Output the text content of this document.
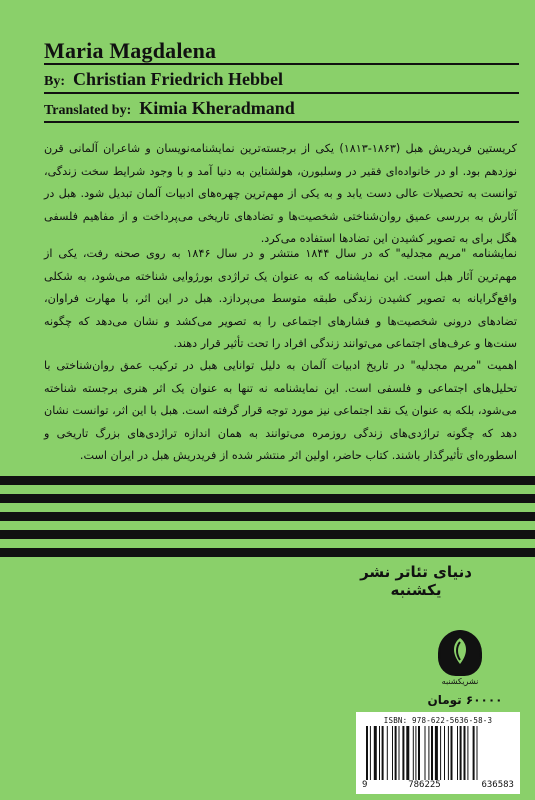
Maria Magdalena
By: Christian Friedrich Hebbel
Translated by: Kimia Kheradmand

کریستین فریدریش هبل (۱۸۶۳-۱۸۱۳) یکی از برجسته‌ترین نمایشنامه‌نویسان و شاعران آلمانی قرن نوزدهم بود. او در خانواده‌ای فقیر در وسلبورن، هولشتاین به دنیا آمد و با وجود شرایط سخت زندگی، توانست به تحصیلات عالی دست یابد و به یکی از مهم‌ترین چهره‌های ادبیات آلمان تبدیل شود. هبل در آثارش به بررسی عمیق روان‌شناختی شخصیت‌ها و تضادهای تاریخی می‌پرداخت و از مفاهیم فلسفی هگل برای به تصویر کشیدن این تضادها استفاده می‌کرد.

نمایشنامه "مریم مجدلیه" که در سال ۱۸۴۴ منتشر و در سال ۱۸۴۶ به روی صحنه رفت، یکی از مهم‌ترین آثار هبل است. این نمایشنامه که به عنوان یک تراژدی بورژوایی شناخته می‌شود، به شکلی واقع‌گرایانه به تصویر کشیدن زندگی طبقه متوسط می‌پردازد. هبل در این اثر، با مهارت فراوان، تضادهای درونی شخصیت‌ها و فشارهای اجتماعی را به تصویر می‌کشد و نشان می‌دهد که چگونه سنت‌ها و عرف‌های اجتماعی می‌توانند زندگی افراد را تحت تأثیر قرار دهند.

اهمیت "مریم مجدلیه" در تاریخ ادبیات آلمان به دلیل توانایی هبل در ترکیب عمق روان‌شناختی با تحلیل‌های اجتماعی و فلسفی است. این نمایشنامه نه تنها به عنوان یک اثر هنری برجسته شناخته می‌شود، بلکه به عنوان یک نقد اجتماعی نیز مورد توجه قرار گرفته است. هبل با این اثر، توانست نشان دهد که چگونه تراژدی‌های زندگی روزمره می‌توانند به همان اندازه تراژدی‌های بزرگ تاریخی و اسطوره‌ای تأثیرگذار باشند. کتاب حاضر، اولین اثر منتشر شده از فریدریش هبل در ایران است.

دنیای تئاتر نشر یکشنبه
نشریکشنبه
۶۰۰۰۰ تومان
ISBN: 978-622-5636-58-3
9	786225	636583
